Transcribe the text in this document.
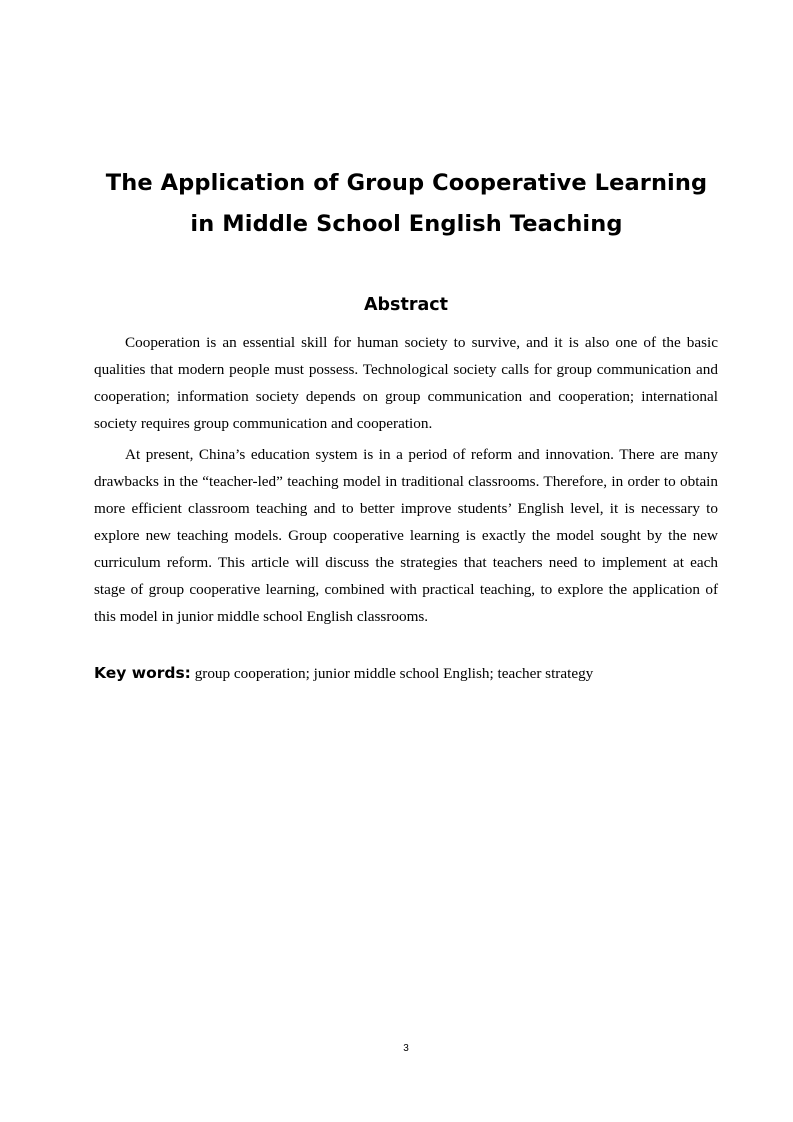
The Application of Group Cooperative Learning
in Middle School English Teaching
Abstract

Cooperation is an essential skill for human society to survive, and it is also one of the basic qualities that modern people must possess. Technological society calls for group communication and cooperation; information society depends on group communication and cooperation; international society requires group communication and cooperation.

At present, China’s education system is in a period of reform and innovation. There are many drawbacks in the “teacher-led” teaching model in traditional classrooms. Therefore, in order to obtain more efficient classroom teaching and to better improve students’ English level, it is necessary to explore new teaching models. Group cooperative learning is exactly the model sought by the new curriculum reform. This article will discuss the strategies that teachers need to implement at each stage of group cooperative learning, combined with practical teaching, to explore the application of this model in junior middle school English classrooms.

Key words: group cooperation; junior middle school English; teacher strategy
3
